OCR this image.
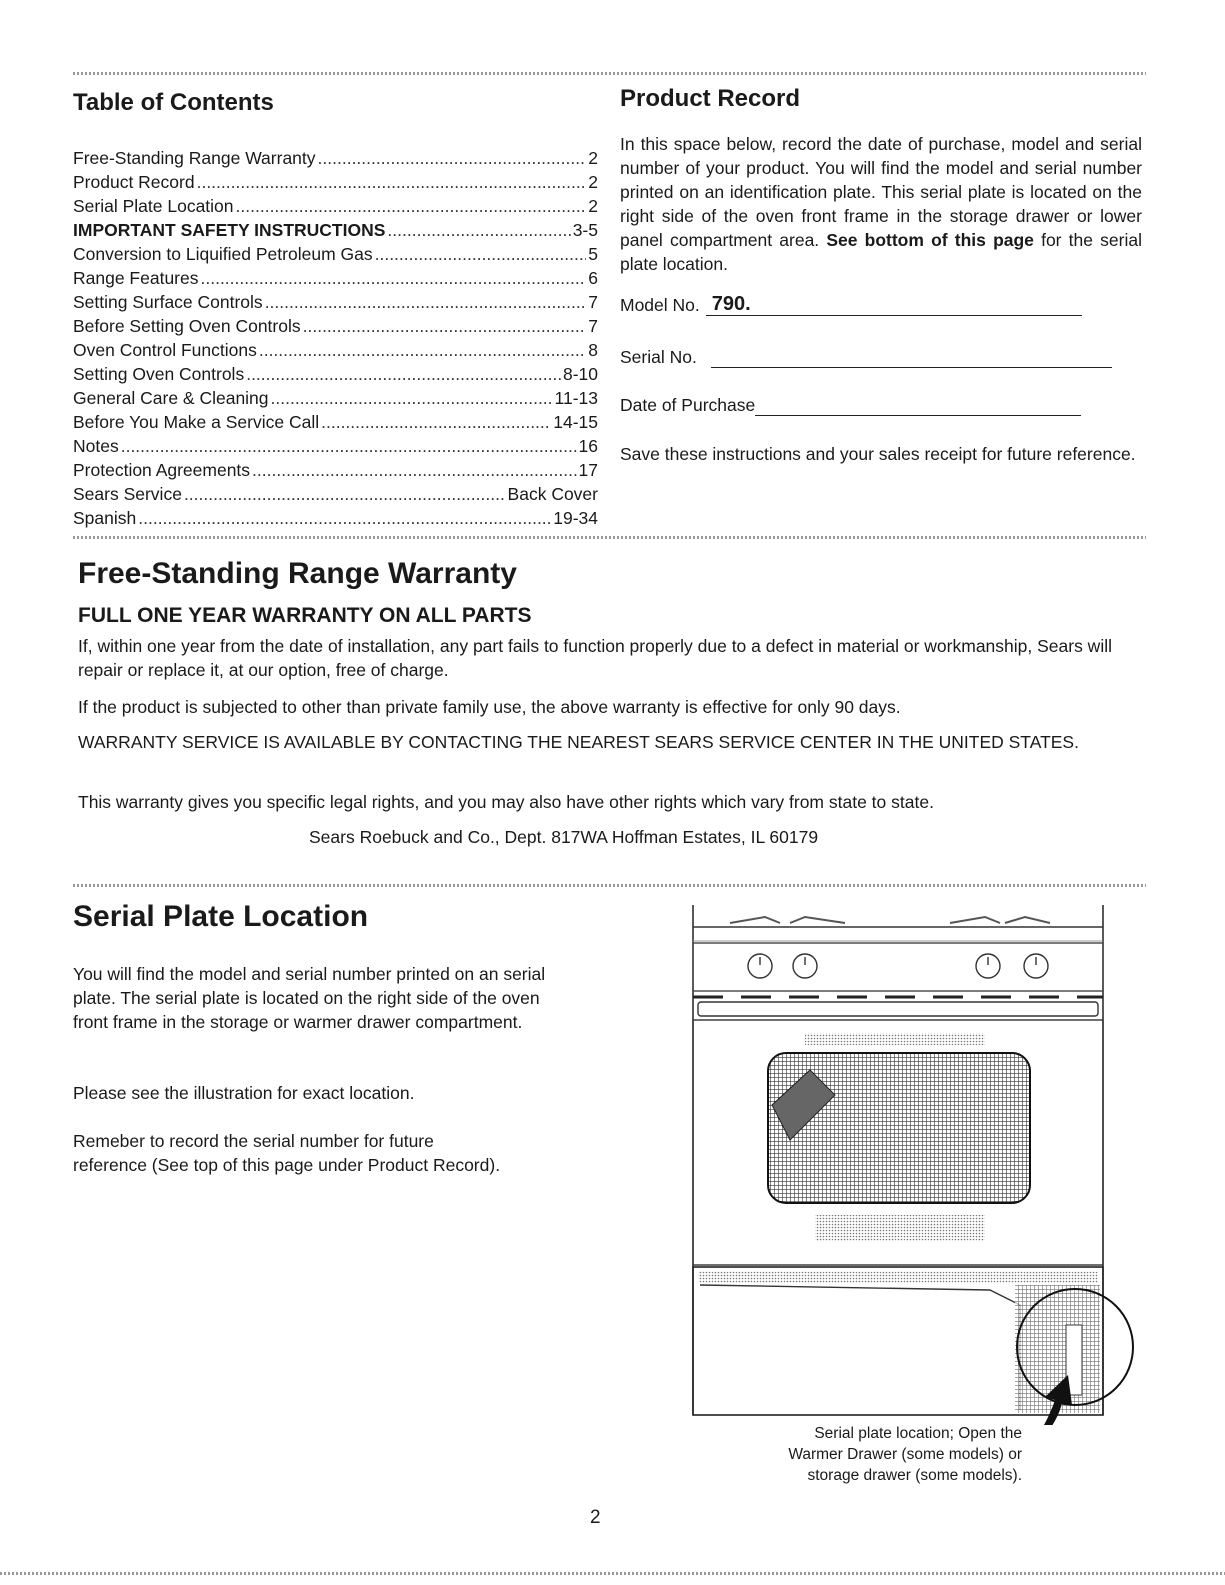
Table of Contents
Free-Standing Range Warranty .....	2
Product Record .....	2
Serial Plate Location .....	2
IMPORTANT SAFETY INSTRUCTIONS .....	3-5
Conversion to Liquified Petroleum Gas .....	5
Range Features .....	6
Setting Surface Controls .....	7
Before Setting Oven Controls .....	7
Oven Control Functions .....	8
Setting Oven Controls .....	8-10
General Care & Cleaning .....	11-13
Before You Make a Service Call .....	14-15
Notes .....	16
Protection Agreements .....	17
Sears Service .....	Back Cover
Spanish .....	19-34
Product Record

In this space below, record the date of purchase, model and serial number of your product. You will find the model and serial number printed on an identification plate. This serial plate is located on the right side of the oven front frame in the storage drawer or lower panel compartment area. See bottom of this page for the serial plate location.

Model No. 790.
Serial No.
Date of Purchase

Save these instructions and your sales receipt for future reference.

Free-Standing Range Warranty
FULL ONE YEAR WARRANTY ON ALL PARTS

If, within one year from the date of installation, any part fails to function properly due to a defect in material or workmanship, Sears will repair or replace it, at our option, free of charge.

If the product is subjected to other than private family use, the above warranty is effective for only 90 days.

WARRANTY SERVICE IS AVAILABLE BY CONTACTING THE NEAREST SEARS SERVICE CENTER IN THE UNITED STATES.

This warranty gives you specific legal rights, and you may also have other rights which vary from state to state.

Sears Roebuck and Co., Dept. 817WA Hoffman Estates, IL 60179

Serial Plate Location

You will find the model and serial number printed on an serial plate. The serial plate is located on the right side of the oven front frame in the storage or warmer drawer compartment.

Please see the illustration for exact location.

Remeber to record the serial number for future reference (See top of this page under Product Record).

Serial plate location; Open the Warmer Drawer (some models) or storage drawer (some models).
2
